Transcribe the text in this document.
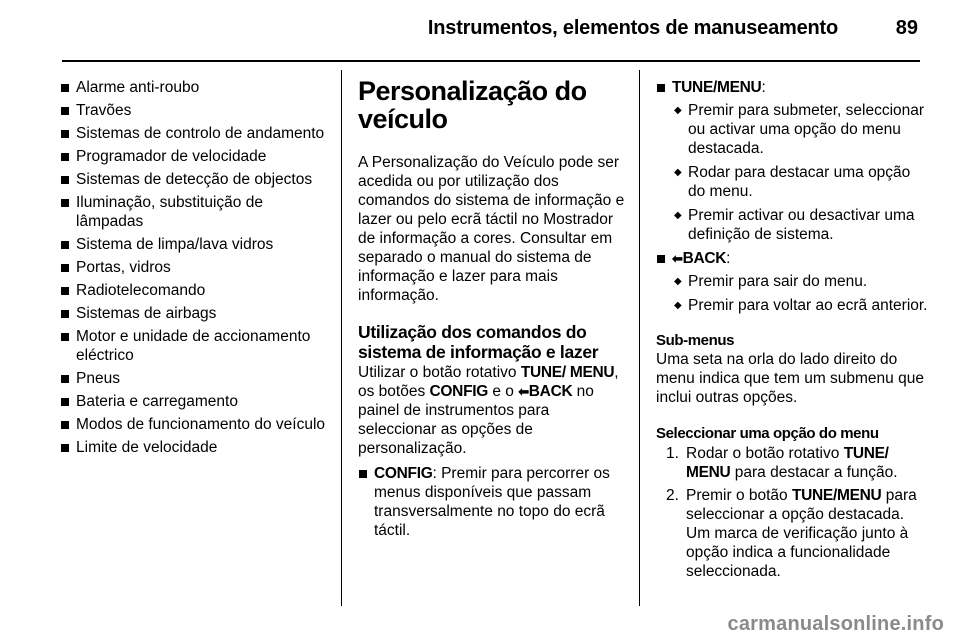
Instrumentos, elementos de manuseamento	89
Alarme anti-roubo
Travões
Sistemas de controlo de andamento
Programador de velocidade
Sistemas de detecção de objectos
Iluminação, substituição de lâmpadas
Sistema de limpa/lava vidros
Portas, vidros
Radiotelecomando
Sistemas de airbags
Motor e unidade de accionamento eléctrico
Pneus
Bateria e carregamento
Modos de funcionamento do veículo
Limite de velocidade
Personalização do veículo

A Personalização do Veículo pode ser acedida ou por utilização dos comandos do sistema de informação e lazer ou pelo ecrã táctil no Mostrador de informação a cores. Consultar em separado o manual do sistema de informação e lazer para mais informação.

Utilização dos comandos do sistema de informação e lazer

Utilizar o botão rotativo TUNE/ MENU, os botões CONFIG e o ⬅BACK no painel de instrumentos para seleccionar as opções de personalização.

CONFIG: Premir para percorrer os menus disponíveis que passam transversalmente no topo do ecrã táctil.
TUNE/MENU:
◆ Premir para submeter, seleccionar ou activar uma opção do menu destacada.
◆ Rodar para destacar uma opção do menu.
◆ Premir activar ou desactivar uma definição de sistema.
⬅BACK:
◆ Premir para sair do menu.
◆ Premir para voltar ao ecrã anterior.

Sub-menus

Uma seta na orla do lado direito do menu indica que tem um submenu que inclui outras opções.

Seleccionar uma opção do menu

1. Rodar o botão rotativo TUNE/ MENU para destacar a função.
2. Premir o botão TUNE/MENU para seleccionar a opção destacada. Um marca de verificação junto à opção indica a funcionalidade seleccionada.
carmanualsonline.info
